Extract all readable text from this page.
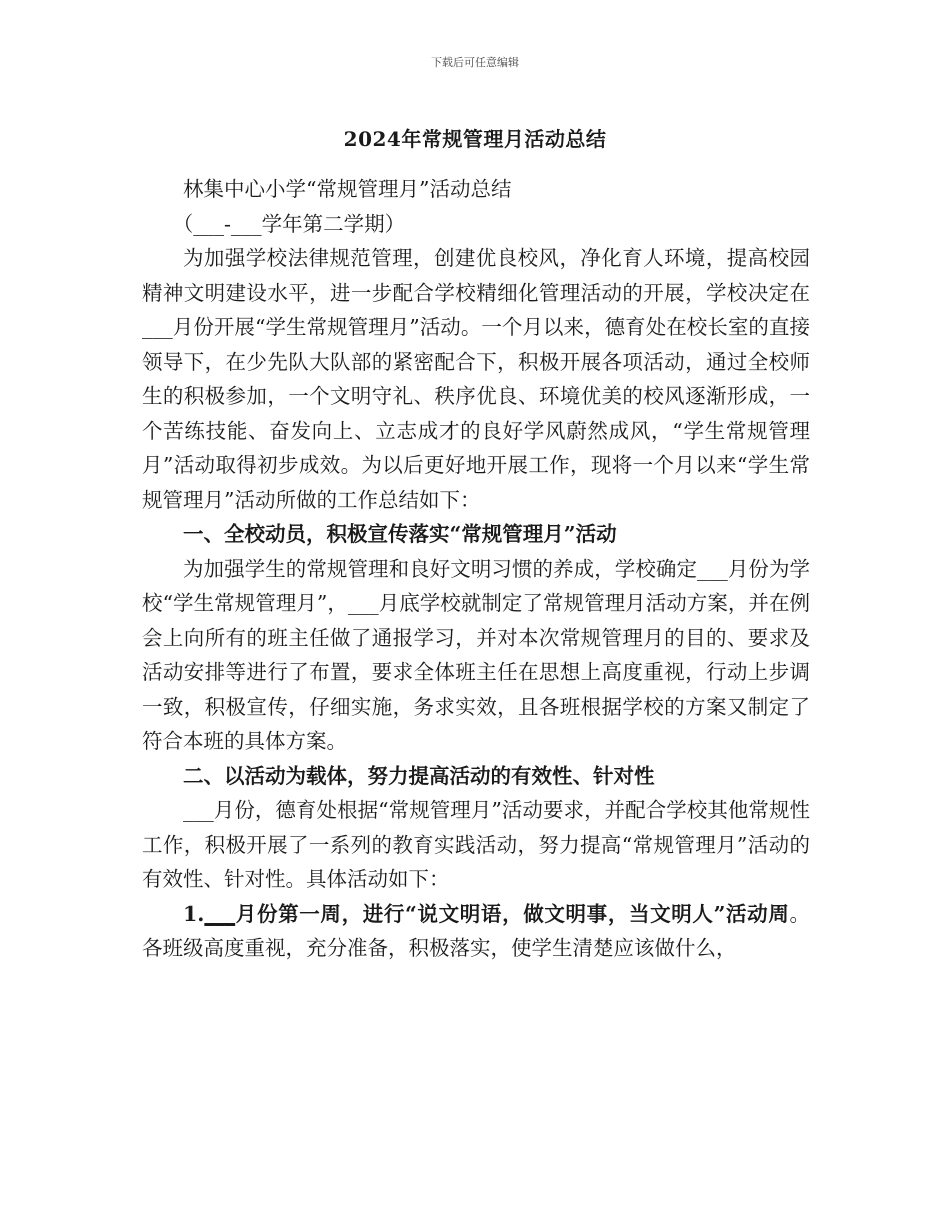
下载后可任意编辑
2024年常规管理月活动总结

林集中心小学“常规管理月”活动总结

（___-___学年第二学期）

为加强学校法律规范管理，创建优良校风，净化育人环境，提高校园精神文明建设水平，进一步配合学校精细化管理活动的开展，学校决定在___月份开展“学生常规管理月”活动。一个月以来，德育处在校长室的直接领导下，在少先队大队部的紧密配合下，积极开展各项活动，通过全校师生的积极参加，一个文明守礼、秩序优良、环境优美的校风逐渐形成，一个苦练技能、奋发向上、立志成才的良好学风蔚然成风，“学生常规管理月”活动取得初步成效。为以后更好地开展工作，现将一个月以来“学生常规管理月”活动所做的工作总结如下：

一、全校动员，积极宣传落实“常规管理月”活动

为加强学生的常规管理和良好文明习惯的养成，学校确定___月份为学校“学生常规管理月”，___月底学校就制定了常规管理月活动方案，并在例会上向所有的班主任做了通报学习，并对本次常规管理月的目的、要求及活动安排等进行了布置，要求全体班主任在思想上高度重视，行动上步调一致，积极宣传，仔细实施，务求实效，且各班根据学校的方案又制定了符合本班的具体方案。

二、以活动为载体，努力提高活动的有效性、针对性

___月份，德育处根据“常规管理月”活动要求，并配合学校其他常规性工作，积极开展了一系列的教育实践活动，努力提高“常规管理月”活动的有效性、针对性。具体活动如下：

1.___月份第一周，进行“说文明语，做文明事，当文明人”活动周。各班级高度重视，充分准备，积极落实，使学生清楚应该做什么，
